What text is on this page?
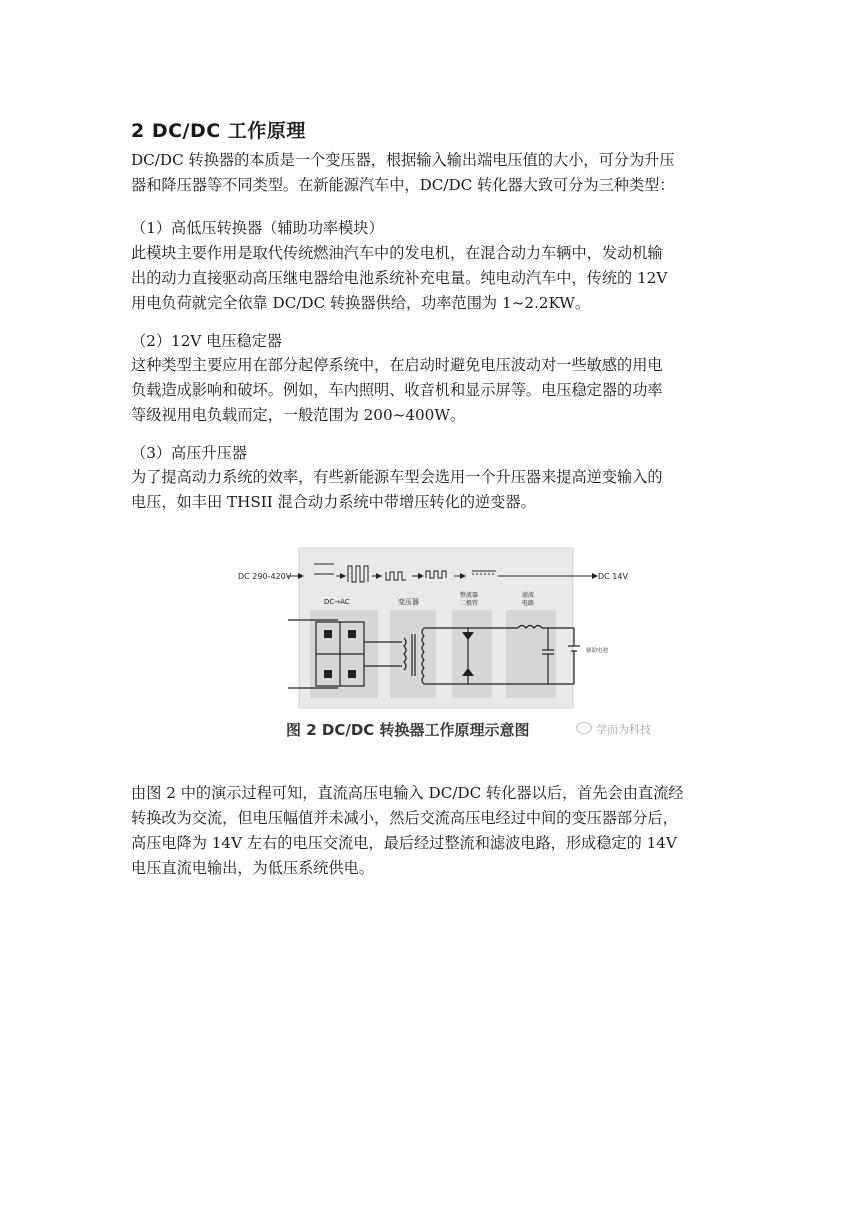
2 DC/DC 工作原理

DC/DC 转换器的本质是一个变压器，根据输入输出端电压值的大小，可分为升压
器和降压器等不同类型。在新能源汽车中，DC/DC 转化器大致可分为三种类型：

（1）高低压转换器（辅助功率模块）

此模块主要作用是取代传统燃油汽车中的发电机，在混合动力车辆中，发动机输
出的动力直接驱动高压继电器给电池系统补充电量。纯电动汽车中，传统的 12V
用电负荷就完全依靠 DC/DC 转换器供给，功率范围为 1~2.2KW。

（2）12V 电压稳定器

这种类型主要应用在部分起停系统中，在启动时避免电压波动对一些敏感的用电
负载造成影响和破坏。例如，车内照明、收音机和显示屏等。电压稳定器的功率
等级视用电负载而定，一般范围为 200~400W。

（3）高压升压器

为了提高动力系统的效率，有些新能源车型会选用一个升压器来提高逆变输入的
电压，如丰田 THSII 混合动力系统中带增压转化的逆变器。

DC 290-420V	DC 14V
DC→AC	变压器
整流器
二极管
滤波
电路
辅助电池
图 2 DC/DC 转换器工作原理示意图	学而为科技

由图 2 中的演示过程可知，直流高压电输入 DC/DC 转化器以后，首先会由直流经
转换改为交流，但电压幅值并未减小，然后交流高压电经过中间的变压器部分后，
高压电降为 14V 左右的电压交流电，最后经过整流和滤波电路，形成稳定的 14V
电压直流电输出，为低压系统供电。
